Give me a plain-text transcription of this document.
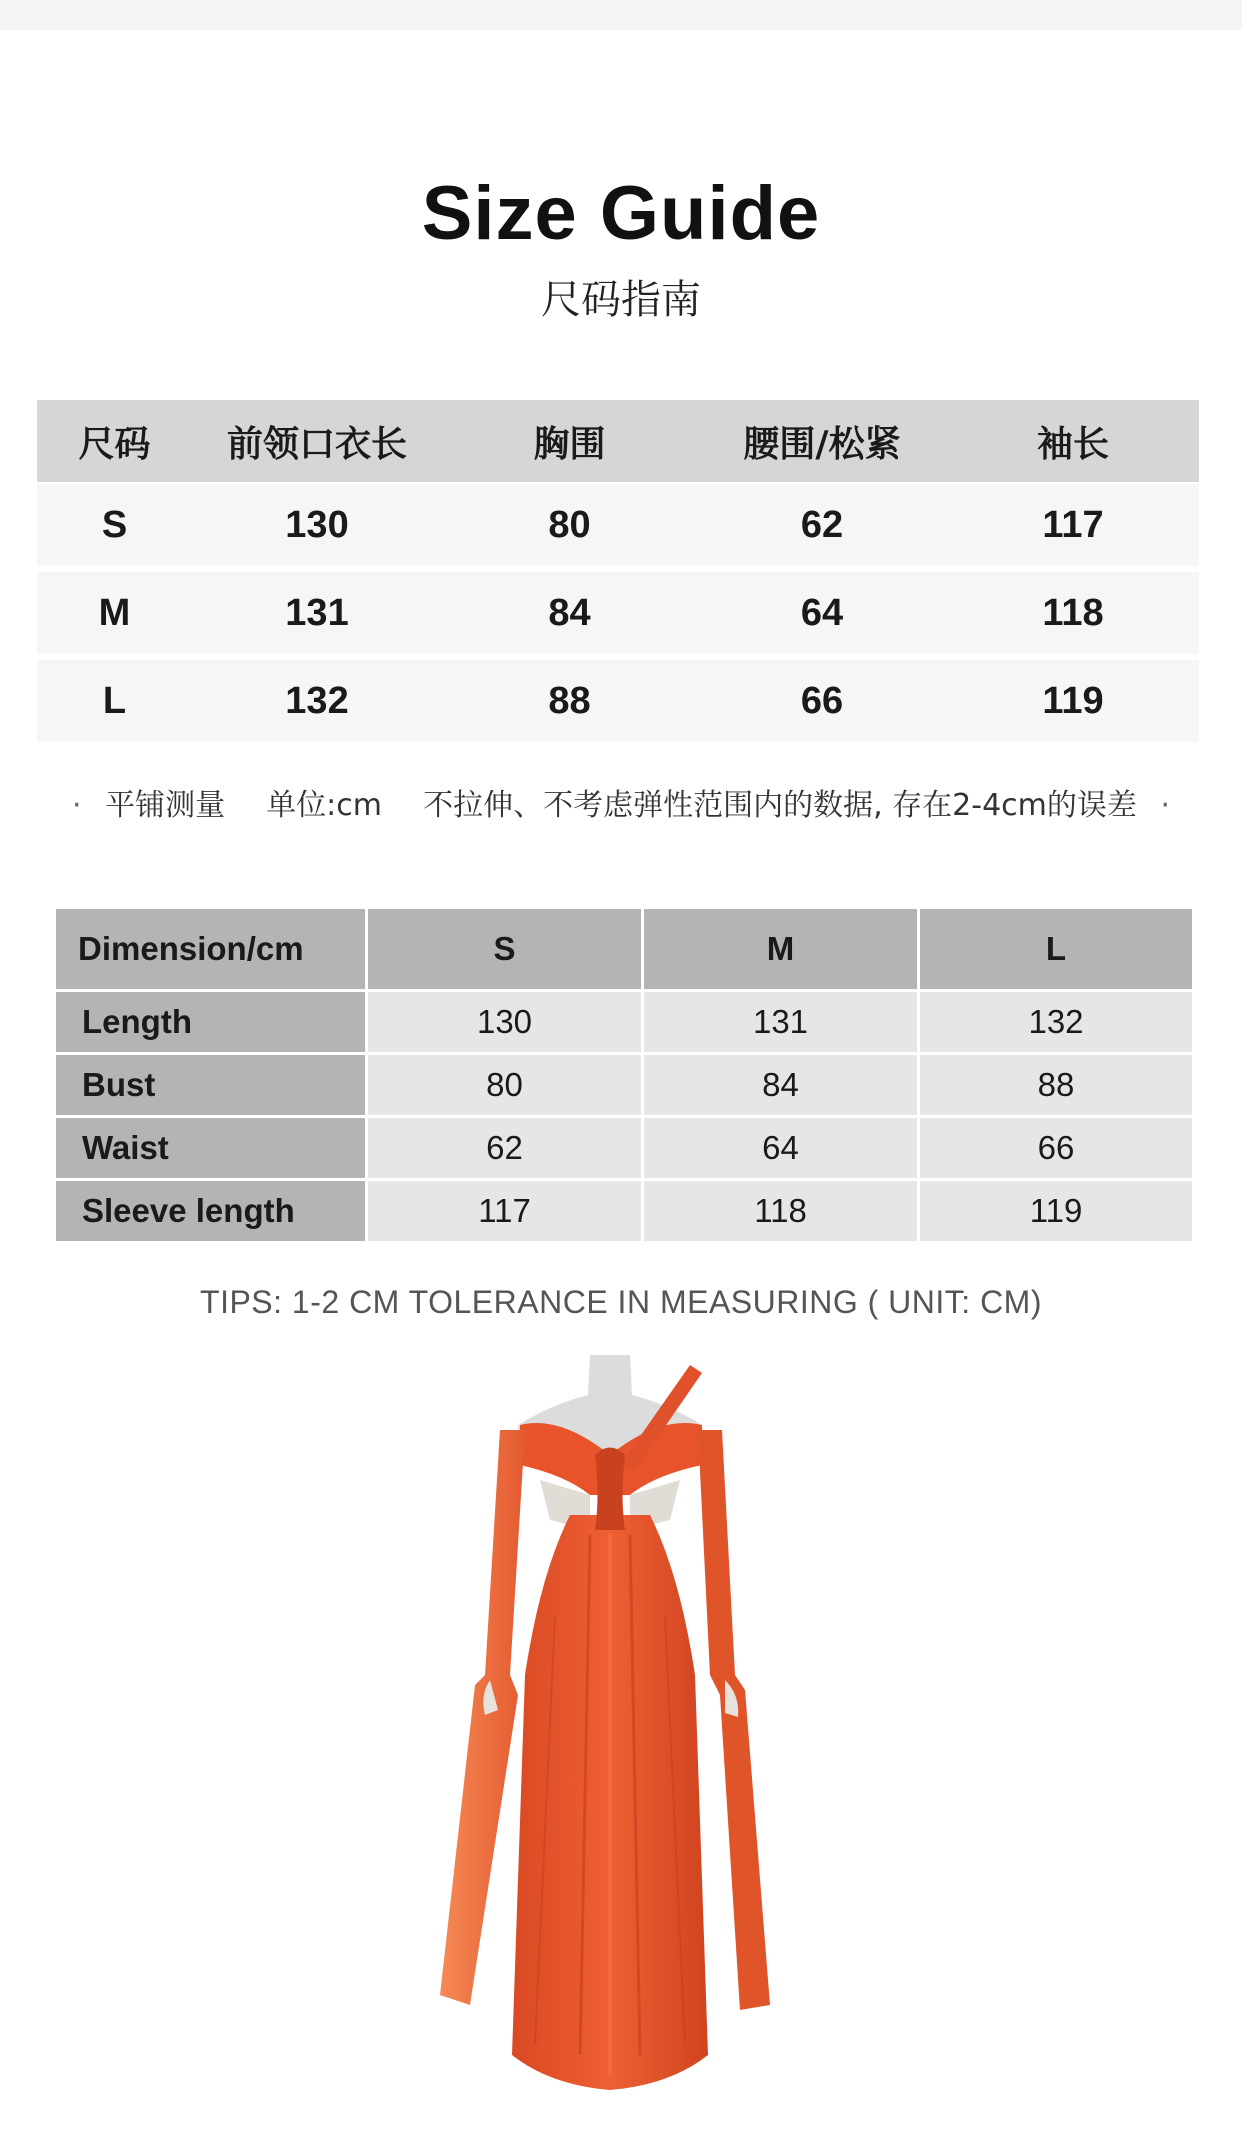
Size Guide
尺码指南
尺码	前领口衣长	胸围	腰围/松紧	袖长
S	130	80	62	117
M	131	84	64	118
L	132	88	66	119
· 平铺测量 单位:cm 不拉伸、不考虑弹性范围内的数据, 存在2-4cm的误差 ·
Dimension/cm	S	M	L
Length	130	131	132
Bust	80	84	88
Waist	62	64	66
Sleeve length	117	118	119
TIPS: 1-2 CM TOLERANCE IN MEASURING ( UNIT: CM)
